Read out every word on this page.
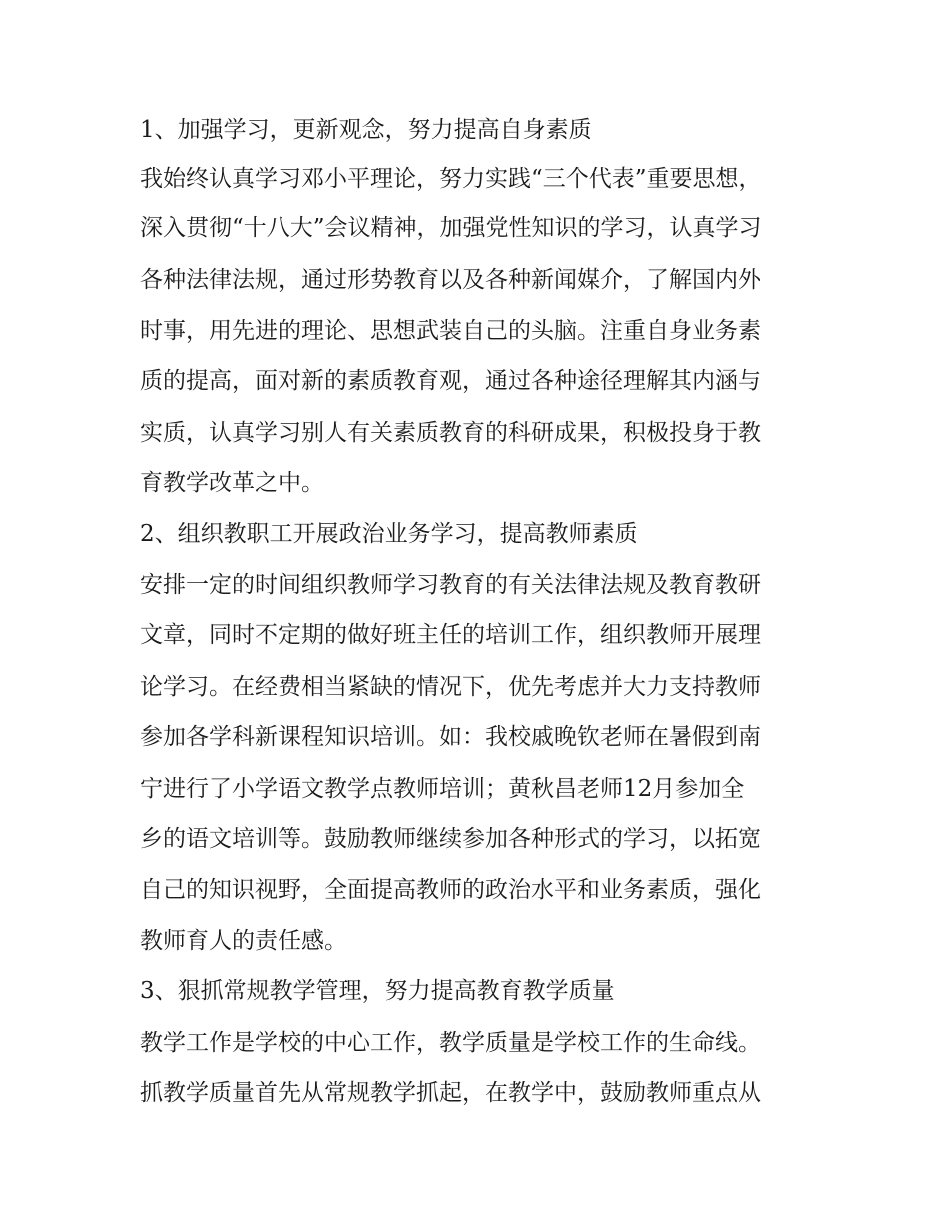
1、加强学习，更新观念，努力提高自身素质
我始终认真学习邓小平理论，努力实践“三个代表”重要思想，
深入贯彻“十八大”会议精神，加强党性知识的学习，认真学习
各种法律法规，通过形势教育以及各种新闻媒介，了解国内外
时事，用先进的理论、思想武装自己的头脑。注重自身业务素
质的提高，面对新的素质教育观，通过各种途径理解其内涵与
实质，认真学习别人有关素质教育的科研成果，积极投身于教
育教学改革之中。
2、组织教职工开展政治业务学习，提高教师素质
安排一定的时间组织教师学习教育的有关法律法规及教育教研
文章，同时不定期的做好班主任的培训工作，组织教师开展理
论学习。在经费相当紧缺的情况下，优先考虑并大力支持教师
参加各学科新课程知识培训。如：我校戚晚钦老师在暑假到南
宁进行了小学语文教学点教师培训；黄秋昌老师12月参加全
乡的语文培训等。鼓励教师继续参加各种形式的学习，以拓宽
自己的知识视野，全面提高教师的政治水平和业务素质，强化
教师育人的责任感。
3、狠抓常规教学管理，努力提高教育教学质量
教学工作是学校的中心工作，教学质量是学校工作的生命线。
抓教学质量首先从常规教学抓起，在教学中，鼓励教师重点从
